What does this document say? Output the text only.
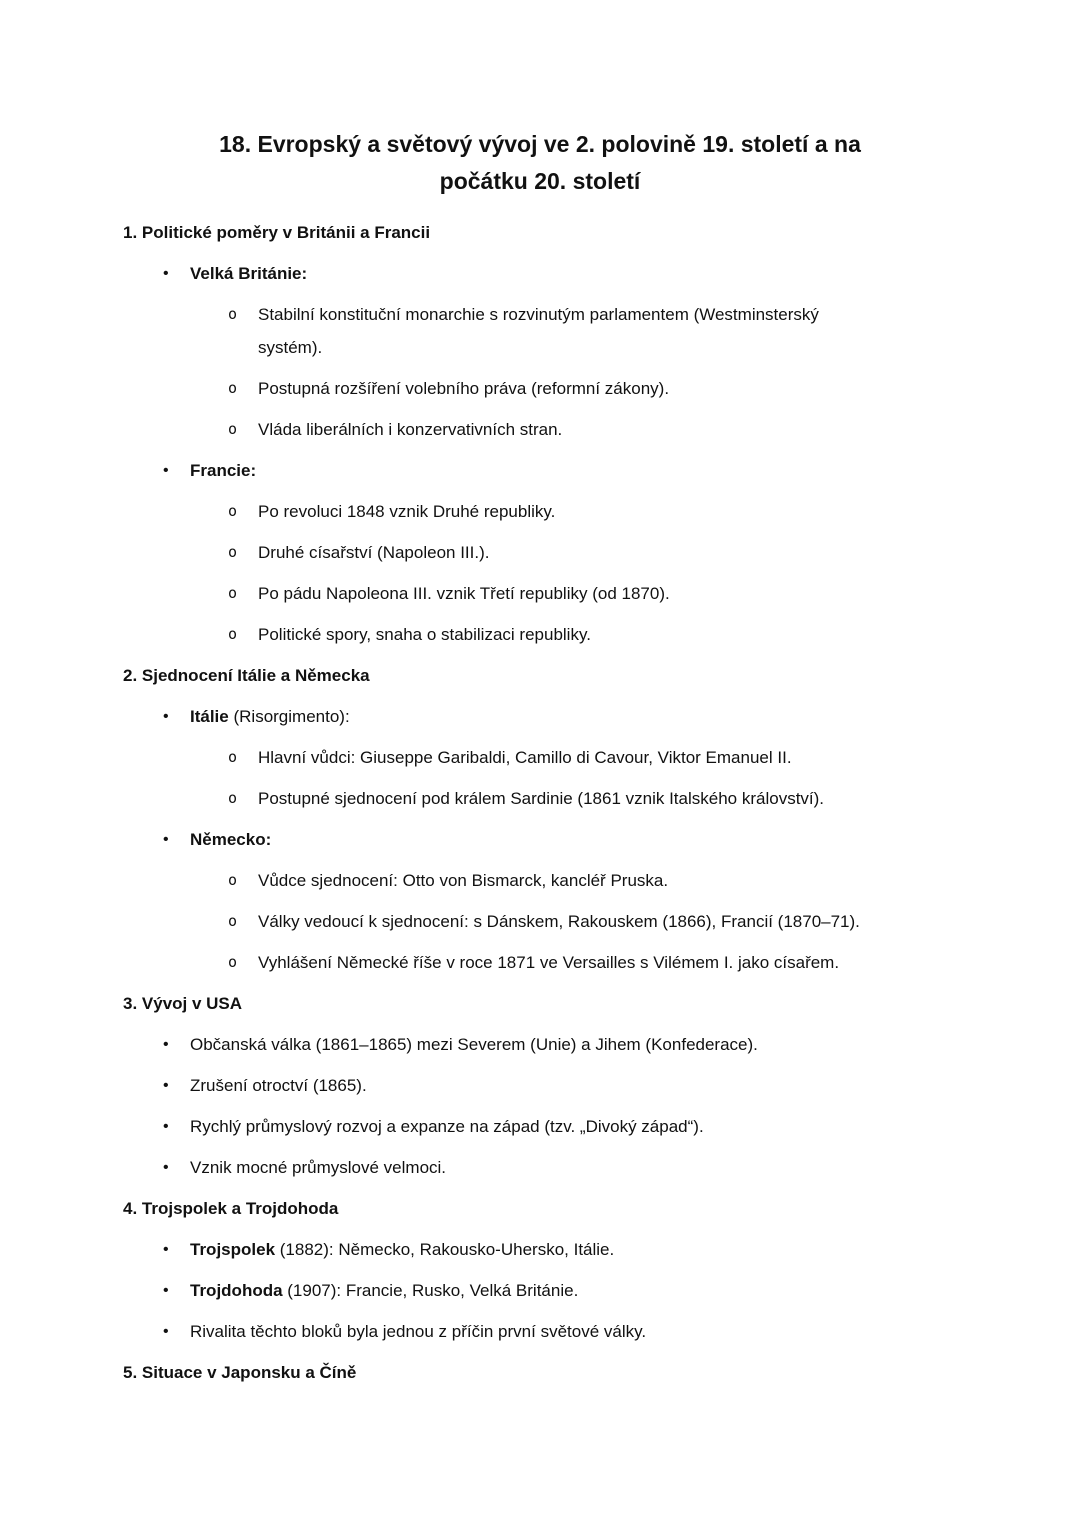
18. Evropský a světový vývoj ve 2. polovině 19. století a na
počátku 20. století
1. Politické poměry v Británii a Francii
•	Velká Británie:
o	Stabilní konstituční monarchie s rozvinutým parlamentem (Westminsterský
systém).
o	Postupná rozšíření volebního práva (reformní zákony).
o	Vláda liberálních i konzervativních stran.
•	Francie:
o	Po revoluci 1848 vznik Druhé republiky.
o	Druhé císařství (Napoleon III.).
o	Po pádu Napoleona III. vznik Třetí republiky (od 1870).
o	Politické spory, snaha o stabilizaci republiky.
2. Sjednocení Itálie a Německa
•	Itálie (Risorgimento):
o	Hlavní vůdci: Giuseppe Garibaldi, Camillo di Cavour, Viktor Emanuel II.
o	Postupné sjednocení pod králem Sardinie (1861 vznik Italského království).
•	Německo:
o	Vůdce sjednocení: Otto von Bismarck, kancléř Pruska.
o	Války vedoucí k sjednocení: s Dánskem, Rakouskem (1866), Francií (1870–71).
o	Vyhlášení Německé říše v roce 1871 ve Versailles s Vilémem I. jako císařem.
3. Vývoj v USA
•	Občanská válka (1861–1865) mezi Severem (Unie) a Jihem (Konfederace).
•	Zrušení otroctví (1865).
•	Rychlý průmyslový rozvoj a expanze na západ (tzv. „Divoký západ“).
•	Vznik mocné průmyslové velmoci.
4. Trojspolek a Trojdohoda
•	Trojspolek (1882): Německo, Rakousko-Uhersko, Itálie.
•	Trojdohoda (1907): Francie, Rusko, Velká Británie.
•	Rivalita těchto bloků byla jednou z příčin první světové války.
5. Situace v Japonsku a Číně
